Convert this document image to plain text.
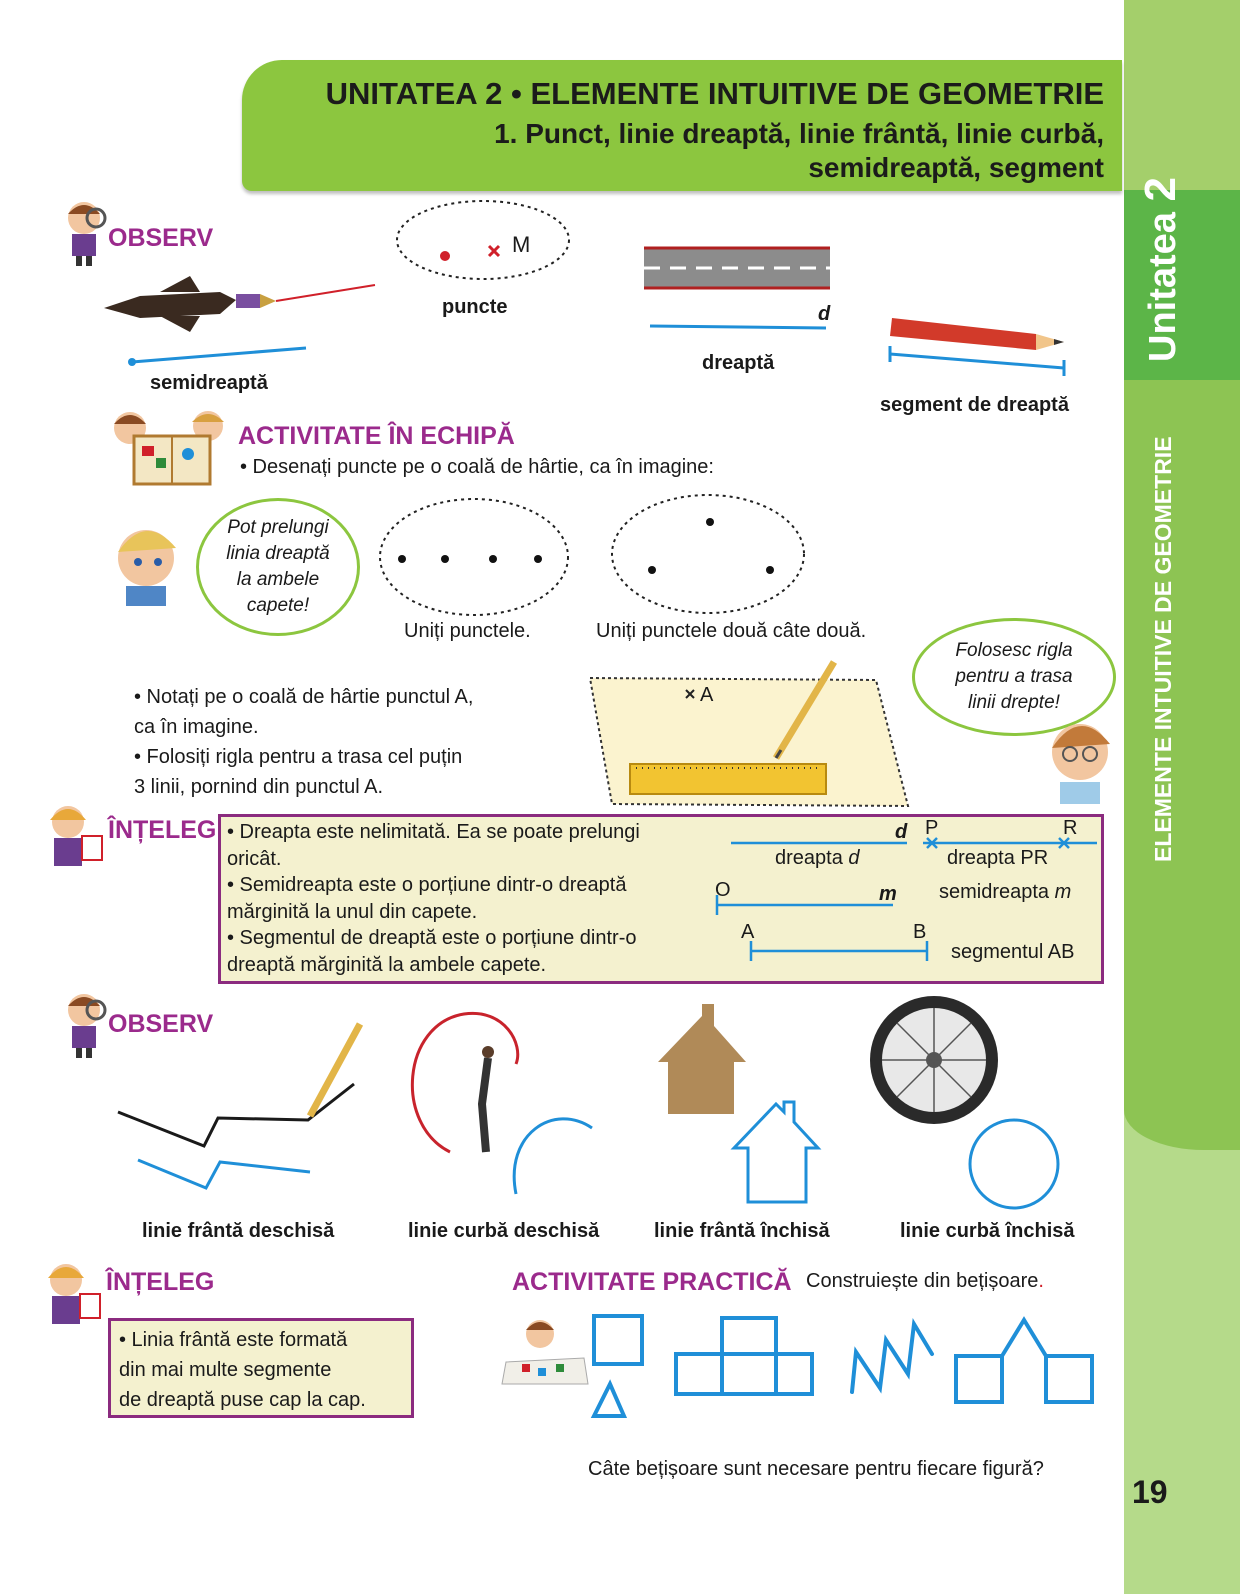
Unitatea 2
ELEMENTE INTUITIVE DE GEOMETRIE
19
UNITATEA 2 • ELEMENTE INTUITIVE DE GEOMETRIE
1. Punct, linie dreaptă, linie frântă, linie curbă,
semidreaptă, segment
OBSERV
semidreaptă
M
puncte	d
dreaptă
segment de dreaptă
ACTIVITATE ÎN ECHIPĂ
• Desenați puncte pe o coală de hârtie, ca în imagine:
Pot prelungi
linia dreaptă
la ambele
capete!
Uniți punctele.	Uniți punctele două câte două.
• Notați pe o coală de hârtie punctul A,
ca în imagine.
• Folosiți rigla pentru a trasa cel puțin
3 linii, pornind din punctul A.
A
Folosesc rigla
pentru a trasa
linii drepte!
ÎNȚELEG • Dreapta este nelimitată. Ea se poate prelungi
oricât.
• Semidreapta este o porțiune dintr-o dreaptă
mărginită la unul din capete.
• Segmentul de dreaptă este o porțiune dintr-o
dreaptă mărginită la ambele capete.
d
dreapta d
P	R
dreapta PR
O	m semidreapta m
A	B
segmentul AB
OBSERV
linie frântă deschisă	linie curbă deschisă	linie frântă închisă	linie curbă închisă
ÎNȚELEG
• Linia frântă este formată
din mai multe segmente
de dreaptă puse cap la cap.
ACTIVITATE PRACTICĂ Construiește din bețișoare.
Câte bețișoare sunt necesare pentru fiecare figură?
